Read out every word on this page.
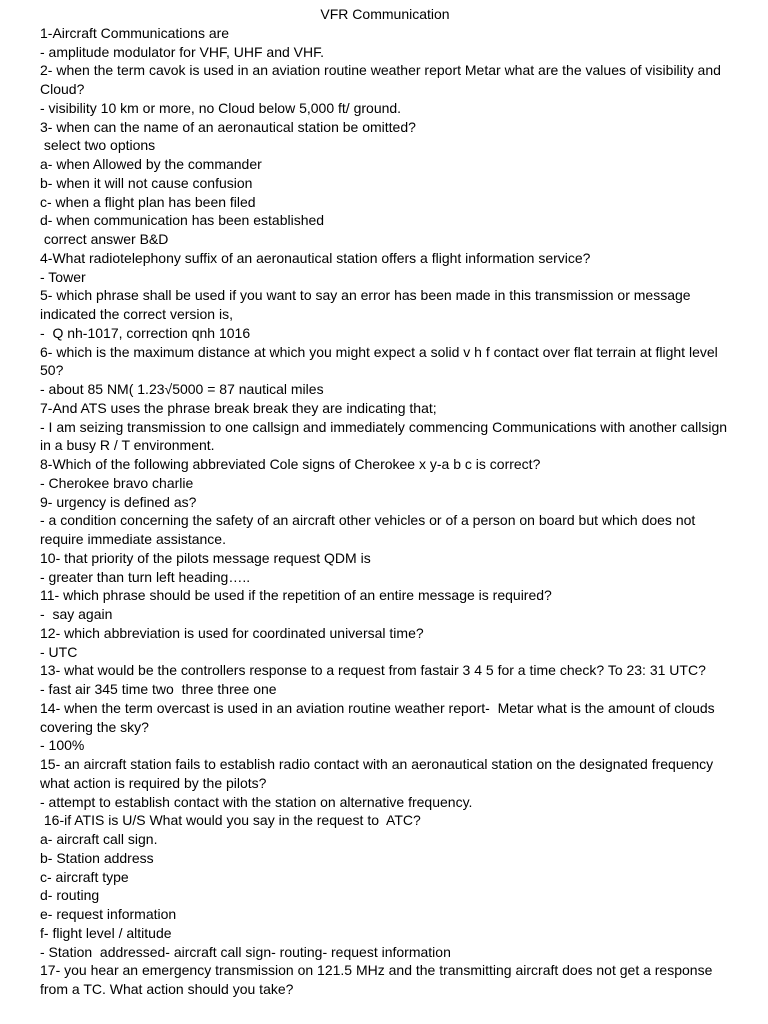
VFR Communication

1-Aircraft Communications are

- amplitude modulator for VHF, UHF and VHF.

2- when the term cavok is used in an aviation routine weather report Metar what are the values of visibility and Cloud?

- visibility 10 km or more, no Cloud below 5,000 ft/ ground.

3- when can the name of an aeronautical station be omitted?

select two options

a- when Allowed by the commander

b- when it will not cause confusion

c- when a flight plan has been filed

d- when communication has been established

correct answer B&D

4-What radiotelephony suffix of an aeronautical station offers a flight information service?

- Tower

5- which phrase shall be used if you want to say an error has been made in this transmission or message indicated the correct version is,

-  Q nh-1017, correction qnh 1016

6- which is the maximum distance at which you might expect a solid v h f contact over flat terrain at flight level 50?

- about 85 NM( 1.23√5000 = 87 nautical miles

7-And ATS uses the phrase break break they are indicating that;

- I am seizing transmission to one callsign and immediately commencing Communications with another callsign in a busy R / T environment.

8-Which of the following abbreviated Cole signs of Cherokee x y-a b c is correct?

- Cherokee bravo charlie

9- urgency is defined as?

- a condition concerning the safety of an aircraft other vehicles or of a person on board but which does not require immediate assistance.

10- that priority of the pilots message request QDM is

- greater than turn left heading…..

11- which phrase should be used if the repetition of an entire message is required?

-  say again

12- which abbreviation is used for coordinated universal time?

- UTC

13- what would be the controllers response to a request from fastair 3 4 5 for a time check? To 23: 31 UTC?

- fast air 345 time two  three three one

14- when the term overcast is used in an aviation routine weather report-  Metar what is the amount of clouds covering the sky?

- 100%

15- an aircraft station fails to establish radio contact with an aeronautical station on the designated frequency what action is required by the pilots?

- attempt to establish contact with the station on alternative frequency.

16-if ATIS is U/S What would you say in the request to  ATC?

a- aircraft call sign.

b- Station address

c- aircraft type

d- routing

e- request information

f- flight level / altitude

- Station  addressed- aircraft call sign- routing- request information

17- you hear an emergency transmission on 121.5 MHz and the transmitting aircraft does not get a response from a TC. What action should you take?
